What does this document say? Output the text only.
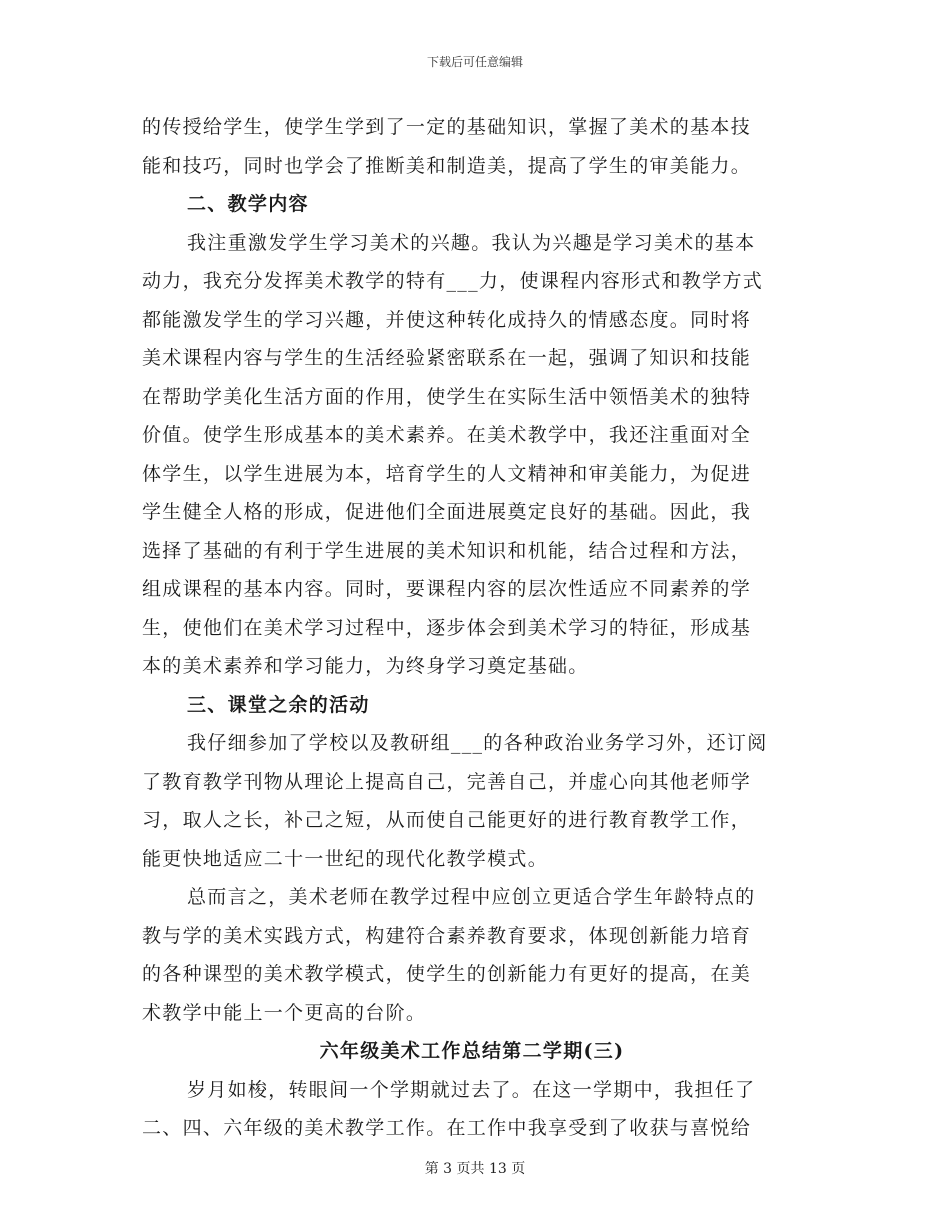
下载后可任意编辑

的传授给学生，使学生学到了一定的基础知识，掌握了美术的基本技
能和技巧，同时也学会了推断美和制造美，提高了学生的审美能力。

二、教学内容

我注重激发学生学习美术的兴趣。我认为兴趣是学习美术的基本
动力，我充分发挥美术教学的特有___力，使课程内容形式和教学方式
都能激发学生的学习兴趣，并使这种转化成持久的情感态度。同时将
美术课程内容与学生的生活经验紧密联系在一起，强调了知识和技能
在帮助学美化生活方面的作用，使学生在实际生活中领悟美术的独特
价值。使学生形成基本的美术素养。在美术教学中，我还注重面对全
体学生，以学生进展为本，培育学生的人文精神和审美能力，为促进
学生健全人格的形成，促进他们全面进展奠定良好的基础。因此，我
选择了基础的有利于学生进展的美术知识和机能，结合过程和方法，
组成课程的基本内容。同时，要课程内容的层次性适应不同素养的学
生，使他们在美术学习过程中，逐步体会到美术学习的特征，形成基
本的美术素养和学习能力，为终身学习奠定基础。

三、课堂之余的活动

我仔细参加了学校以及教研组___的各种政治业务学习外，还订阅
了教育教学刊物从理论上提高自己，完善自己，并虚心向其他老师学
习，取人之长，补己之短，从而使自己能更好的进行教育教学工作，
能更快地适应二十一世纪的现代化教学模式。

总而言之，美术老师在教学过程中应创立更适合学生年龄特点的
教与学的美术实践方式，构建符合素养教育要求，体现创新能力培育
的各种课型的美术教学模式，使学生的创新能力有更好的提高，在美
术教学中能上一个更高的台阶。

六年级美术工作总结第二学期(三)

岁月如梭，转眼间一个学期就过去了。在这一学期中，我担任了
二、四、六年级的美术教学工作。在工作中我享受到了收获与喜悦给

第 3 页共 13 页
